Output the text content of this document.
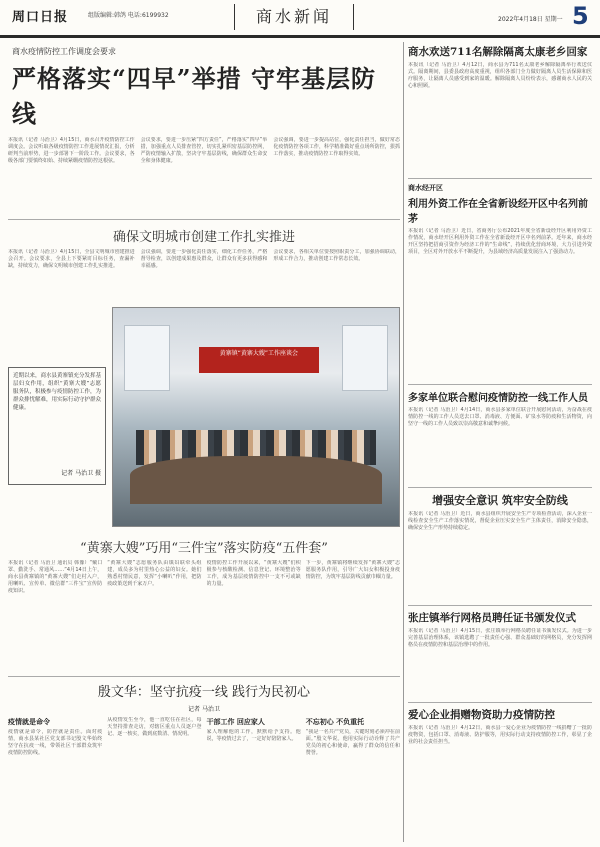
周口日报	组版编辑:韩鸽 电话:6199932	商水新闻	2022年4月18日 星期一 5
商水疫情防控工作调度会要求
严格落实“四早”举措 守牢基层防线
本报讯（记者 马治卫）4月15日，商水召开疫情防控工作调度会。会议听取各级疫情防控工作进展情况汇报，分析研判当前形势，进一步部署下一阶段工作。会议要求，各级各部门要慎终如始、持续紧绷疫情防控这根弦。
会议要求，要进一步压紧“四方责任”，严格落实“四早”举措，加强重点人员排查管控，切实扎紧织密基层防控网，严防疫情输入扩散，坚决守牢基层防线，确保群众生命安全和身体健康。
会议强调，要进一步提高站位，强化责任担当，做好常态化疫情防控各项工作，科学精准做好重点场所防控，狠抓工作落实，推动疫情防控工作取得实效。
确保文明城市创建工作扎实推进
本报讯（记者 马治卫）4月15日，全县文明城市创建推进会召开。会议要求，全县上下要紧盯目标任务，查漏补缺，持续发力，确保文明城市创建工作扎实推进。
会议强调，要进一步强化责任落实，细化工作任务，严格督导检查，以创建成果惠及群众，让群众有更多获得感和幸福感。
会议要求，各相关单位要按照职责分工，加强协调联动，形成工作合力，推动创建工作常态长效。
近期以来，商水县黄寨镇充分发挥基层妇女作用，组织“黄寨大嫂”志愿服务队，积极参与疫情防控工作，为群众排忧解难，用实际行动守护群众健康。
记者 马治卫 摄
黄寨镇“黄寨大嫂”工作座谈会
“黄寨大嫂”巧用“三件宝”落实防疫“五件套”
本报讯（记者 马治卫 通讯员 韩豫）“戴口罩、勤洗手、常通风……”4月14日上午，商水县黄寨镇的“黄寨大嫂”们走村入户，用喇叭、宣传单、微信群“三件宝”宣传防疫知识。
“黄寨大嫂”志愿服务队由镇妇联牵头组建，成员多为村里热心公益的妇女。她们熟悉村情民意，发挥“小喇叭”作用，把防疫政策送到千家万户。
疫情防控工作开展以来，“黄寨大嫂”们积极参与核酸检测、信息登记、环境整治等工作，成为基层疫情防控中一支不可或缺的力量。
下一步，黄寨镇将继续发挥“黄寨大嫂”志愿服务队作用，引导广大妇女积极投身疫情防控，为筑牢基层防线贡献巾帼力量。
殷文华：坚守抗疫一线 践行为民初心
记者 马治卫
疫情就是命令
疫情就是命令，防控就是责任。面对疫情，商水县某社区党支部书记殷文华始终坚守在抗疫一线，带领社区干部群众筑牢疫情防控防线。
从疫情发生至今，他一直吃住在社区，每天坚持排查走访，对辖区重点人员逐户登记、逐一核实，做到底数清、情况明。
干部工作 回应家人
家人理解他的工作，默默给予支持。他说，等疫情过去了，一定好好陪陪家人。
不忘初心 不负重托
“我是一名共产党员，关键时刻必须冲在前面。”殷文华说。他用实际行动诠释了共产党员的初心和使命，赢得了群众的信任和赞誉。
商水欢送711名解除隔离太康老乡回家
本报讯（记者 马治卫）4月12日，商水县为711名太康老乡解除隔离举行欢送仪式。隔离期间，县委县政府高度重视，组织各部门全力做好隔离人员生活保障和医疗服务，让隔离人员感受到家的温暖。解除隔离人员纷纷表示，感谢商水人民的关心和照顾。
商水经开区
利用外资工作在全省新设经开区中名列前茅
本报讯（记者 马治卫）近日，省商务厅公布2021年度全省新设经开区利用外资工作情况，商水经开区利用外资工作在全省新设经开区中名列前茅。近年来，商水经开区坚持把招商引资作为经济工作的“生命线”，持续优化营商环境，大力引进外资项目，全区对外开放水平不断提升，为县域经济高质量发展注入了强劲动力。
多家单位联合慰问疫情防控一线工作人员
本报讯（记者 马治卫）4月14日，商水县多家单位联合开展慰问活动，为奋战在疫情防控一线的工作人员送去口罩、消毒液、方便面、矿泉水等防疫和生活物资，向坚守一线的工作人员致以崇高敬意和诚挚问候。
增强安全意识 筑牢安全防线
本报讯（记者 马治卫）近日，商水县组织开展安全生产专项检查活动，深入企业一线检查安全生产工作落实情况，督促企业压实安全生产主体责任，消除安全隐患，确保安全生产形势持续稳定。
张庄镇举行网格员聘任证书颁发仪式
本报讯（记者 马治卫）4月15日，张庄镇举行网格员聘任证书颁发仪式。为进一步完善基层治理体系，该镇选聘了一批责任心强、群众基础好的网格员，充分发挥网格员在疫情防控和基层治理中的作用。
爱心企业捐赠物资助力疫情防控
本报讯（记者 马治卫）4月12日，商水县一爱心企业为疫情防控一线捐赠了一批防疫物资，包括口罩、消毒液、防护服等，用实际行动支持疫情防控工作，彰显了企业的社会责任担当。
